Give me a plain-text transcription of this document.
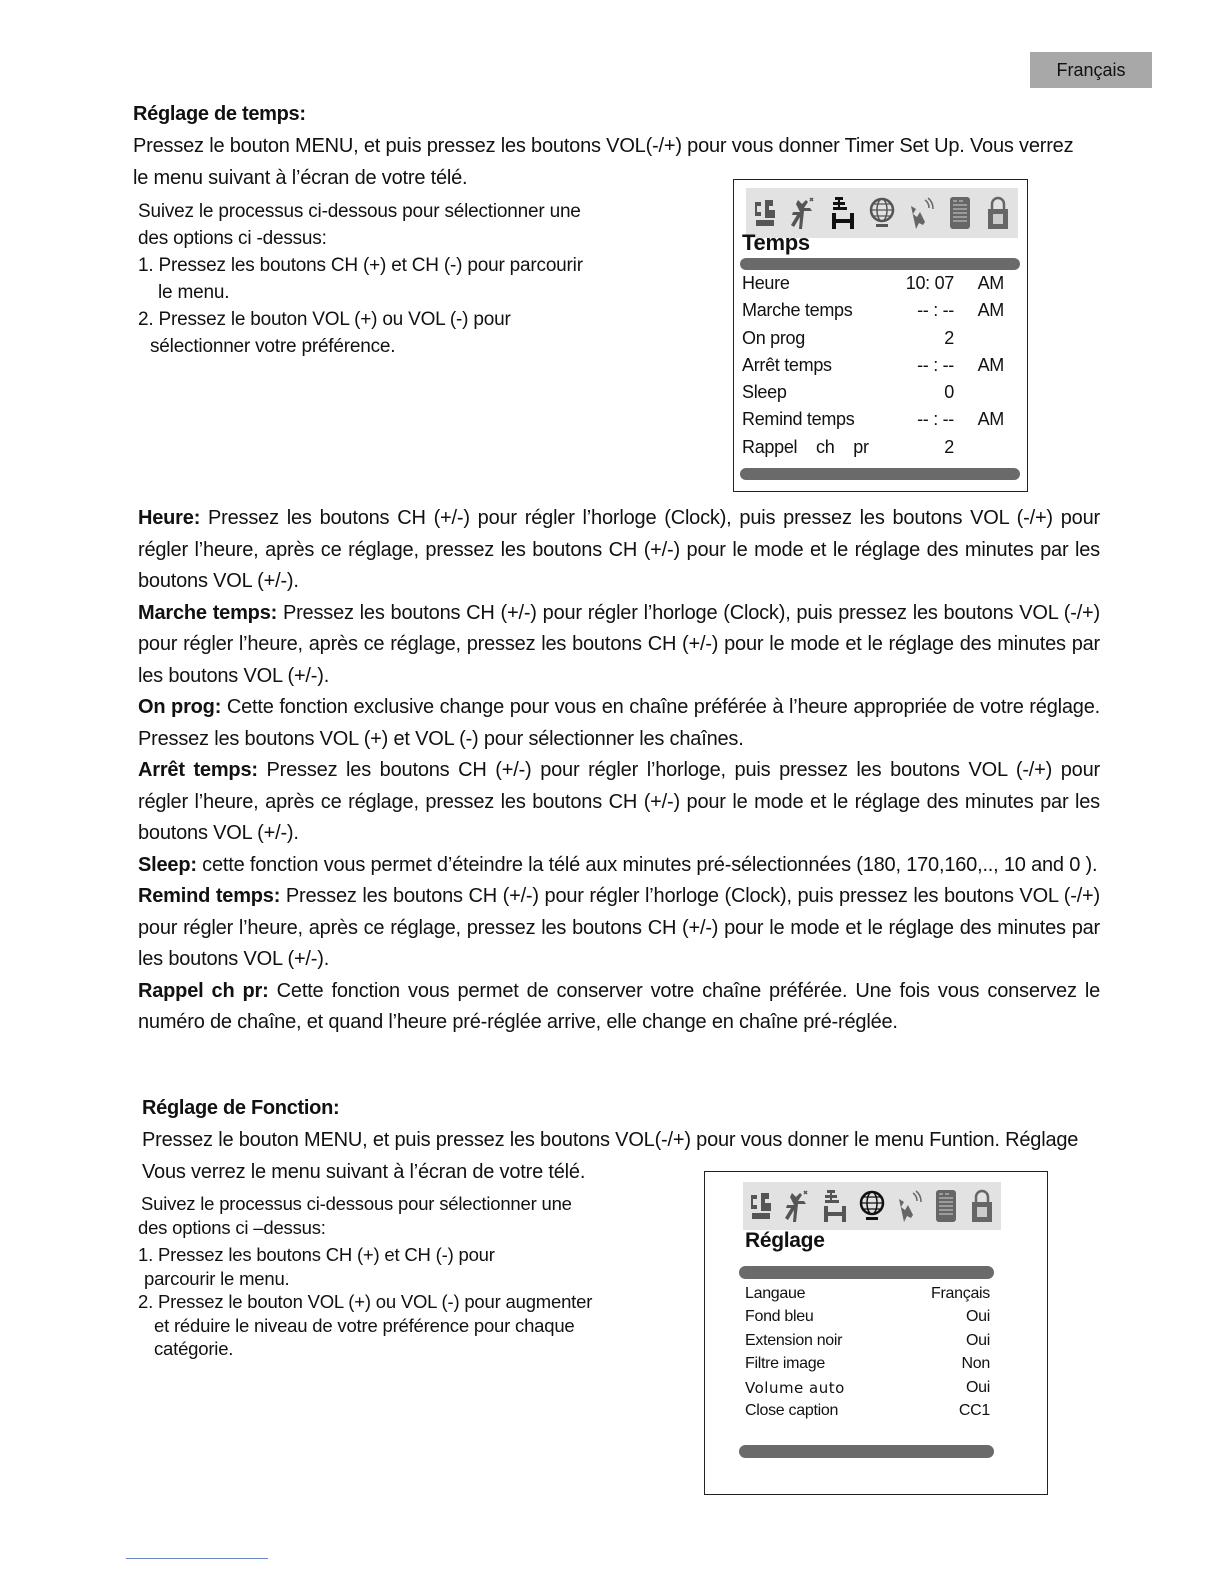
Français
Réglage de temps:
Pressez le bouton MENU, et puis pressez les boutons VOL(-/+) pour vous donner Timer Set Up. Vous verrez
le menu suivant à l’écran de votre télé.
Suivez le processus ci-dessous pour sélectionner une
des options ci -dessus:
1. Pressez les boutons CH (+) et CH (-) pour parcourir
le menu.
2. Pressez le bouton VOL (+) ou VOL (-) pour
sélectionner votre préférence.
Temps
Heure	10: 07 AM
Marche temps	-- : -- AM
On prog	2
Arrêt temps	-- : -- AM
Sleep	0
Remind temps	-- : -- AM
Rappel    ch    pr	2
Heure: Pressez les boutons CH (+/-) pour régler l’horloge (Clock), puis pressez les boutons VOL (-/+) pour régler l’heure, après ce réglage, pressez les boutons CH (+/-) pour le mode et le réglage des minutes par les boutons VOL (+/-).
Marche temps: Pressez les boutons CH (+/-) pour régler l’horloge (Clock), puis pressez les boutons VOL (-/+) pour régler l’heure, après ce réglage, pressez les boutons CH (+/-) pour le mode et le réglage des minutes par les boutons VOL (+/-).
On prog: Cette fonction exclusive change pour vous en chaîne préférée à l’heure appropriée de votre réglage. Pressez les boutons VOL (+) et VOL (-) pour sélectionner les chaînes.
Arrêt temps: Pressez les boutons CH (+/-) pour régler l’horloge, puis pressez les boutons VOL (-/+) pour régler l’heure, après ce réglage, pressez les boutons CH (+/-) pour le mode et le réglage des minutes par les boutons VOL (+/-).
Sleep: cette fonction vous permet d’éteindre la télé aux minutes pré-sélectionnées (180, 170,160,.., 10 and 0 ).
Remind temps: Pressez les boutons CH (+/-) pour régler l’horloge (Clock), puis pressez les boutons VOL (-/+) pour régler l’heure, après ce réglage, pressez les boutons CH (+/-) pour le mode et le réglage des minutes par les boutons VOL (+/-).
Rappel ch pr: Cette fonction vous permet de conserver votre chaîne préférée. Une fois vous conservez le numéro de chaîne, et quand l’heure pré-réglée arrive, elle change en chaîne pré-réglée.
Réglage de Fonction:
Pressez le bouton MENU, et puis pressez les boutons VOL(-/+) pour vous donner le menu Funtion. Réglage
Vous verrez le menu suivant à l’écran de votre télé.
Suivez le processus ci-dessous pour sélectionner une
des options ci –dessus:
1. Pressez les boutons CH (+) et CH (-) pour
parcourir le menu.
2. Pressez le bouton VOL (+) ou VOL (-) pour augmenter
et réduire le niveau de votre préférence pour chaque
catégorie.
Réglage
Langaue	Français
Fond bleu	Oui
Extension noir	Oui
Filtre image	Non
Volume auto	Oui
Close caption	CC1
